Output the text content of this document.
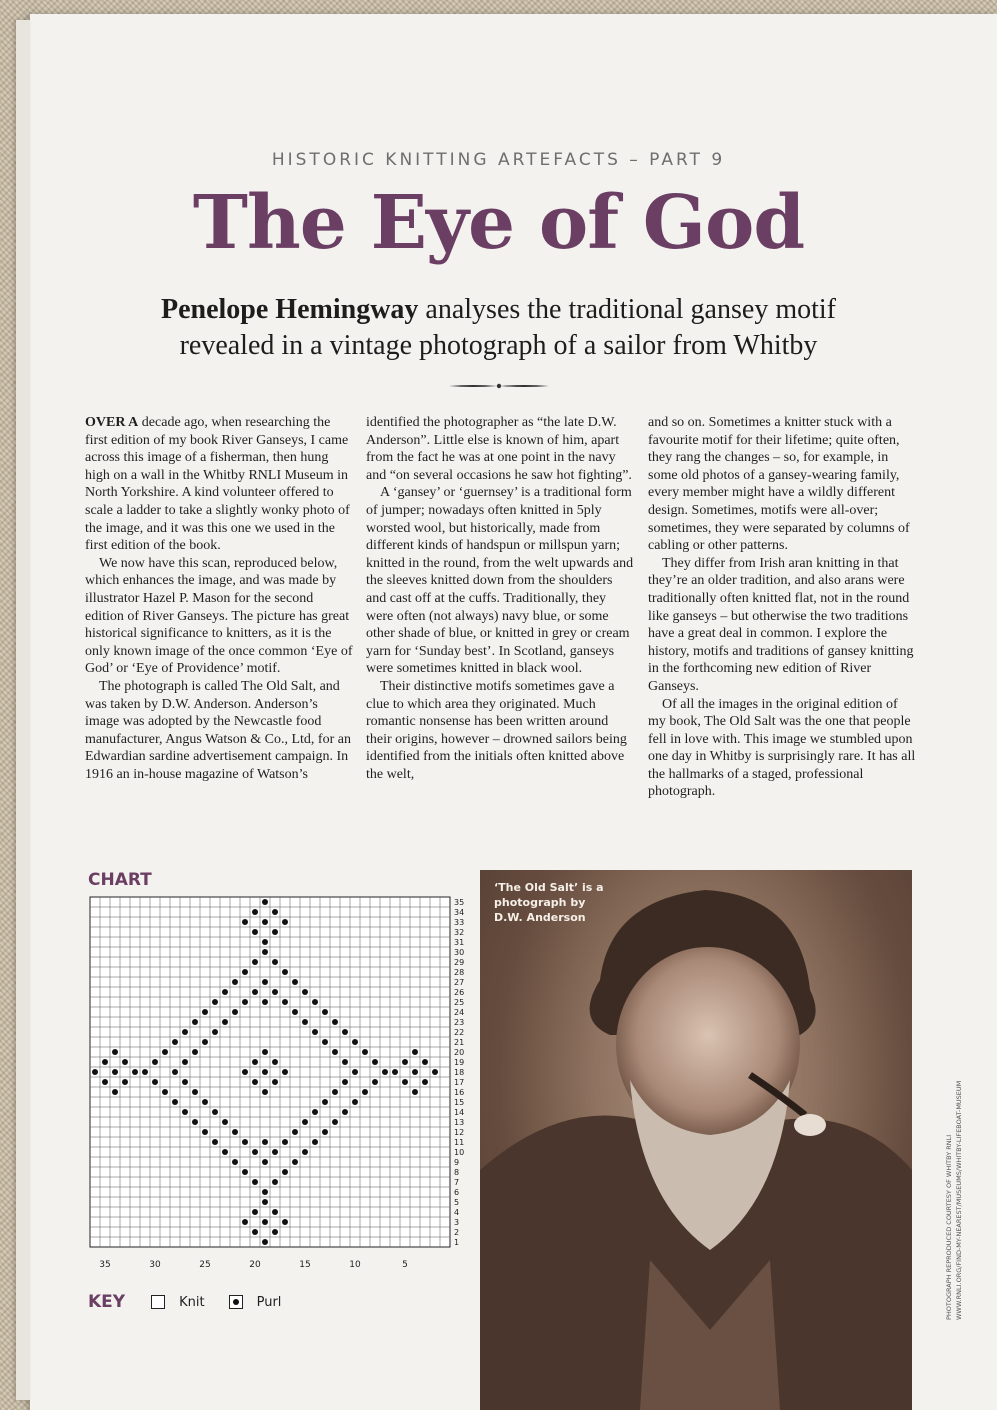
HISTORIC KNITTING ARTEFACTS – PART 9
The Eye of God
Penelope Hemingway analyses the traditional gansey motif
revealed in a vintage photograph of a sailor from Whitby

OVER A decade ago, when researching the first edition of my book River Ganseys, I came across this image of a fisherman, then hung high on a wall in the Whitby RNLI Museum in North Yorkshire. A kind volunteer offered to scale a ladder to take a slightly wonky photo of the image, and it was this one we used in the first edition of the book.

We now have this scan, reproduced below, which enhances the image, and was made by illustrator Hazel P. Mason for the second edition of River Ganseys. The picture has great historical significance to knitters, as it is the only known image of the once common ‘Eye of God’ or ‘Eye of Providence’ motif.

The photograph is called The Old Salt, and was taken by D.W. Anderson. Anderson’s image was adopted by the Newcastle food manufacturer, Angus Watson & Co., Ltd, for an Edwardian sardine advertisement campaign. In 1916 an in-house magazine of Watson’s

identified the photographer as “the late D.W. Anderson”. Little else is known of him, apart from the fact he was at one point in the navy and “on several occasions he saw hot fighting”.

A ‘gansey’ or ‘guernsey’ is a traditional form of jumper; nowadays often knitted in 5ply worsted wool, but historically, made from different kinds of handspun or millspun yarn; knitted in the round, from the welt upwards and the sleeves knitted down from the shoulders and cast off at the cuffs. Traditionally, they were often (not always) navy blue, or some other shade of blue, or knitted in grey or cream yarn for ‘Sunday best’. In Scotland, ganseys were sometimes knitted in black wool.

Their distinctive motifs sometimes gave a clue to which area they originated. Much romantic nonsense has been written around their origins, however – drowned sailors being identified from the initials often knitted above the welt,

and so on. Sometimes a knitter stuck with a favourite motif for their lifetime; quite often, they rang the changes – so, for example, in some old photos of a gansey-wearing family, every member might have a wildly different design. Sometimes, motifs were all-over; sometimes, they were separated by columns of cabling or other patterns.

They differ from Irish aran knitting in that they’re an older tradition, and also arans were traditionally often knitted flat, not in the round like ganseys – but otherwise the two traditions have a great deal in common. I explore the history, motifs and traditions of gansey knitting in the forthcoming new edition of River Ganseys.

Of all the images in the original edition of my book, The Old Salt was the one that people fell in love with. This image we stumbled upon one day in Whitby is surprisingly rare. It has all the hallmarks of a staged, professional photograph.

CHART
35
34
33
32
31
30
29
28
27
26
25
24
23
22
21
20
19
18
17
16
15
14
13
12
11
10
9
8
7
6
5
4
3
2
1
35	30	25	20	15	10	5
KEY	Knit	Purl
‘The Old Salt’ is a photograph by D.W. Anderson
PHOTOGRAPH REPRODUCED COURTESY OF WHITBY RNLI WWW.RNLI.ORG/FIND-MY-NEAREST/MUSEUMS/WHITBY-LIFEBOAT-MUSEUM
